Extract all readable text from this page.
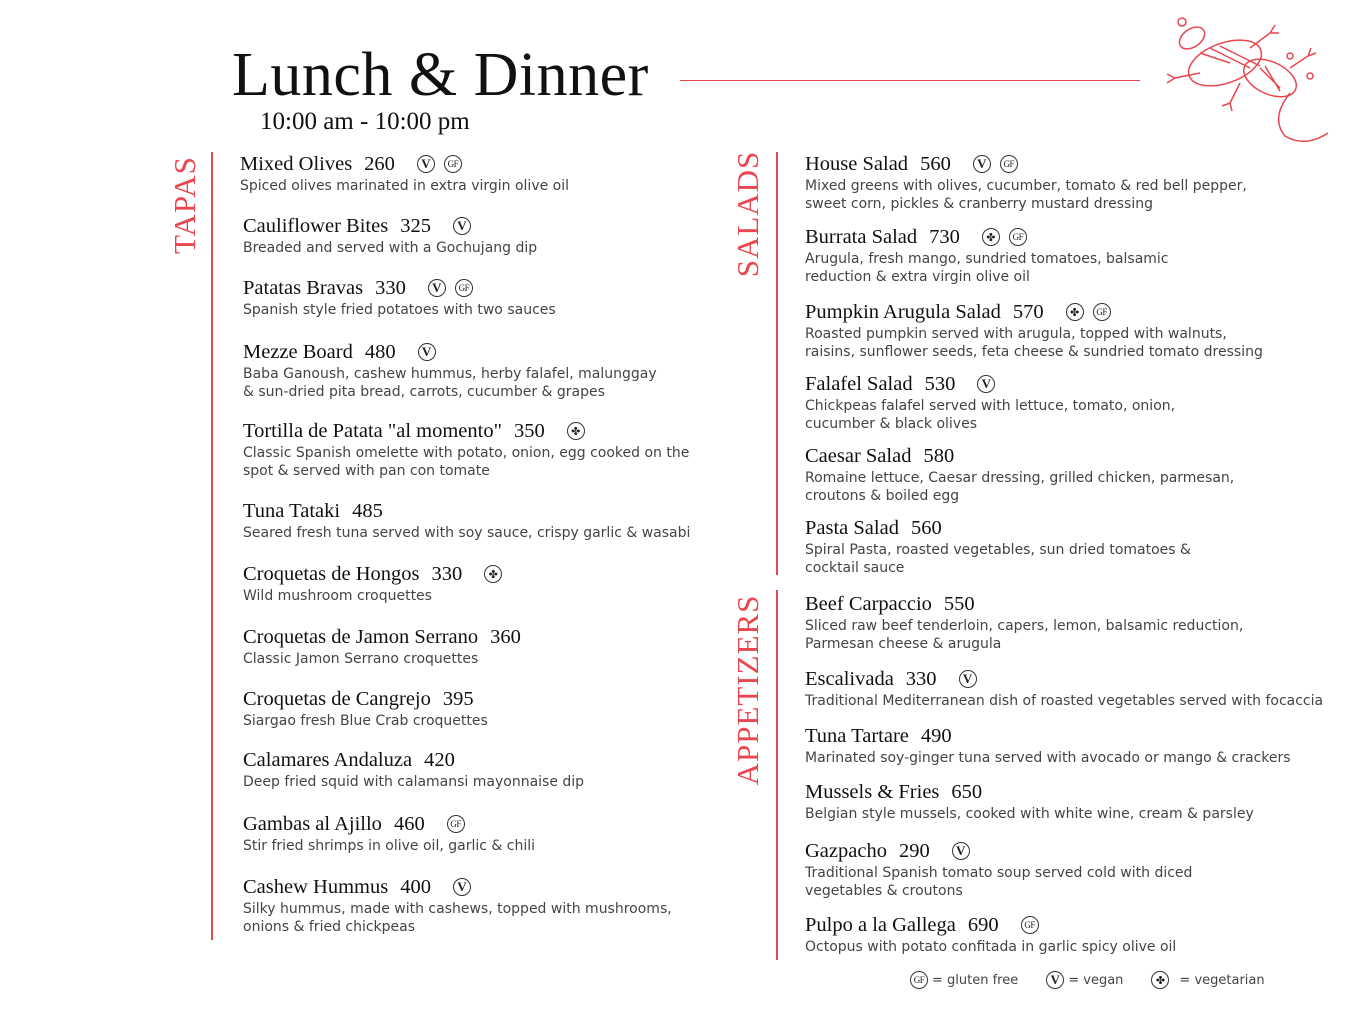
Lunch & Dinner
10:00 am - 10:00 pm
TAPAS	SALADS
APPETIZERS
Mixed Olives 260	V	GF
Spiced olives marinated in extra virgin olive oil
Cauliflower Bites 325	V
Breaded and served with a Gochujang dip
Patatas Bravas 330	V	GF
Spanish style fried potatoes with two sauces
Mezze Board 480	V
Baba Ganoush, cashew hummus, herby falafel, malunggay
& sun-dried pita bread, carrots, cucumber & grapes
Tortilla de Patata "al momento" 350	✤
Classic Spanish omelette with potato, onion, egg cooked on the
spot & served with pan con tomate
Tuna Tataki 485
Seared fresh tuna served with soy sauce, crispy garlic & wasabi
Croquetas de Hongos 330	✤
Wild mushroom croquettes
Croquetas de Jamon Serrano 360
Classic Jamon Serrano croquettes
Croquetas de Cangrejo 395
Siargao fresh Blue Crab croquettes
Calamares Andaluza 420
Deep fried squid with calamansi mayonnaise dip
Gambas al Ajillo 460	GF
Stir fried shrimps in olive oil, garlic & chili
Cashew Hummus 400	V
Silky hummus, made with cashews, topped with mushrooms,
onions & fried chickpeas
House Salad 560	V	GF
Mixed greens with olives, cucumber, tomato & red bell pepper,
sweet corn, pickles & cranberry mustard dressing
Burrata Salad 730	✤	GF
Arugula, fresh mango, sundried tomatoes, balsamic
reduction & extra virgin olive oil
Pumpkin Arugula Salad 570	✤	GF
Roasted pumpkin served with arugula, topped with walnuts,
raisins, sunflower seeds, feta cheese & sundried tomato dressing
Falafel Salad 530	V
Chickpeas falafel served with lettuce, tomato, onion,
cucumber & black olives
Caesar Salad 580
Romaine lettuce, Caesar dressing, grilled chicken, parmesan,
croutons & boiled egg
Pasta Salad 560
Spiral Pasta, roasted vegetables, sun dried tomatoes &
cocktail sauce
Beef Carpaccio 550
Sliced raw beef tenderloin, capers, lemon, balsamic reduction,
Parmesan cheese & arugula
Escalivada 330	V
Traditional Mediterranean dish of roasted vegetables served with focaccia
Tuna Tartare 490
Marinated soy-ginger tuna served with avocado or mango & crackers
Mussels & Fries 650
Belgian style mussels, cooked with white wine, cream & parsley
Gazpacho 290	V
Traditional Spanish tomato soup served cold with diced
vegetables & croutons
Pulpo a la Gallega 690	GF
Octopus with potato confitada in garlic spicy olive oil
GF = gluten free	V = vegan	✤	= vegetarian
